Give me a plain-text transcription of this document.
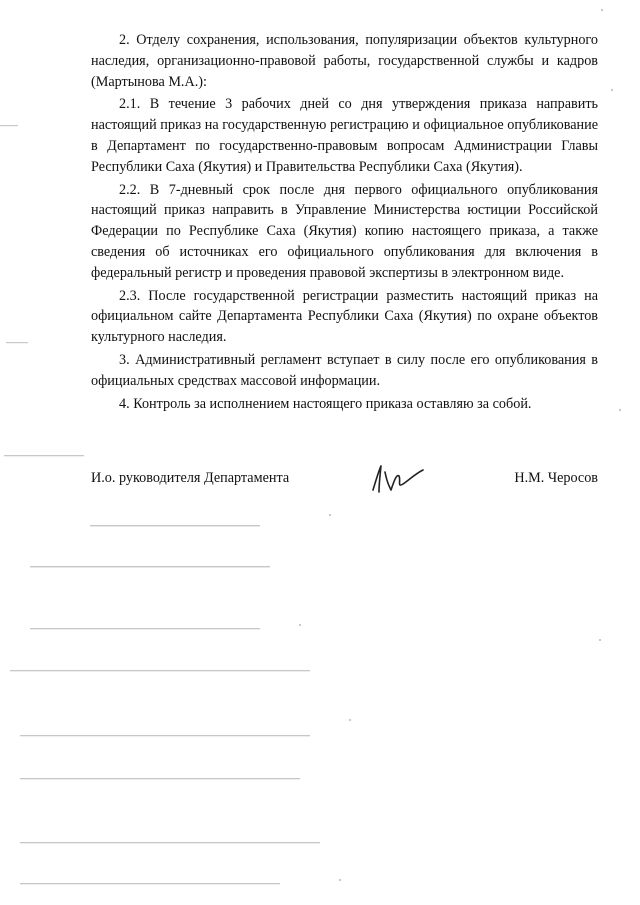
2. Отделу сохранения, использования, популяризации объектов культурного наследия, организационно-правовой работы, государственной службы и кадров (Мартынова М.А.):

2.1. В течение 3 рабочих дней со дня утверждения приказа направить настоящий приказ на государственную регистрацию и официальное опубликование в Департамент по государственно-правовым вопросам Администрации Главы Республики Саха (Якутия) и Правительства Республики Саха (Якутия).

2.2. В 7-дневный срок после дня первого официального опубликования настоящий приказ направить в Управление Министерства юстиции Российской Федерации по Республике Саха (Якутия) копию настоящего приказа, а также сведения об источниках его официального опубликования для включения в федеральный регистр и проведения правовой экспертизы в электронном виде.

2.3. После государственной регистрации разместить настоящий приказ на официальном сайте Департамента Республики Саха (Якутия) по охране объектов культурного наследия.

3. Административный регламент вступает в силу после его опубликования в официальных средствах массовой информации.

4. Контроль за исполнением настоящего приказа оставляю за собой.

И.о. руководителя Департамента	Н.М. Черосов
